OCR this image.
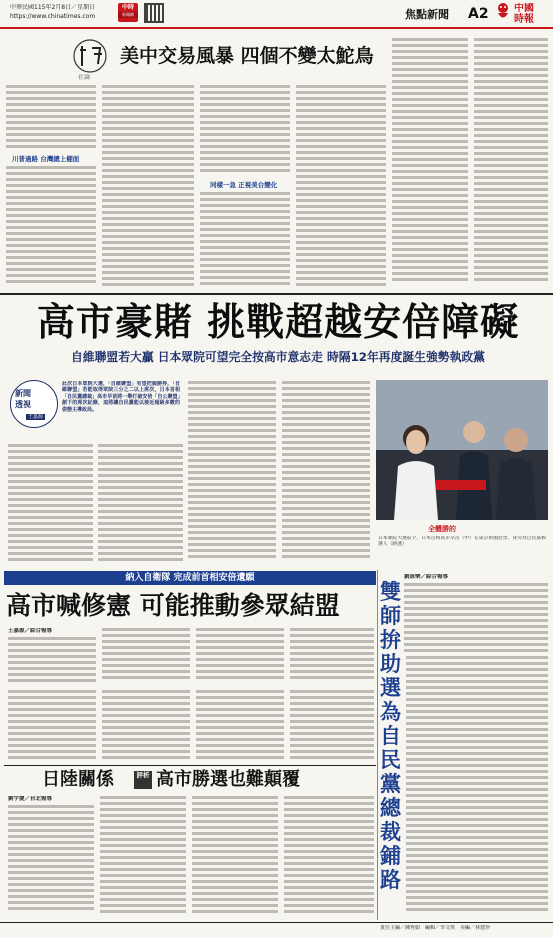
中華民國115年2月8日／星期日
https://www.chinatimes.com
中時
新聞網	焦點新聞 A2	中國時報
社論
美中交易風暴 四個不變太鮀鳥
川普過路 台灣總上棚面
同樣一急 正視美台變化
高市豪賭 挑戰超越安倍障礙
自維聯盟若大贏 日本眾院可望完全按高市意志走 時隔12年再度誕生強勢執政黨
新聞
透視
王嘉源
此次日本眾院大選，「自維聯盟」有望把握勝券，「自維聯盟」若能取得眾院三分之二以上席次，日本首相「自民黨總裁」高市早苗將一舉打破安倍「自公聯盟」創下的席次紀錄，這將讓自民黨能以接近超級多數的姿態主導政局。
全體勝的
日本眾院大選前夕，日本首相高市早苗（中）在東京街頭拉票，身旁為自民黨候選人（路透）
納入自衛隊 完成前首相安倍遺願
高市喊修憲 可能推動參眾結盟
王嘉源／綜合報導
日陸關係	評析 高市勝選也難顛覆
劉宇捷／台北報導
劉詠樂／綜合報導
雙師拚助選 為自民黨總裁鋪路
責任主編／陳秀娟　編輯／李文琪　美編／林建珍
